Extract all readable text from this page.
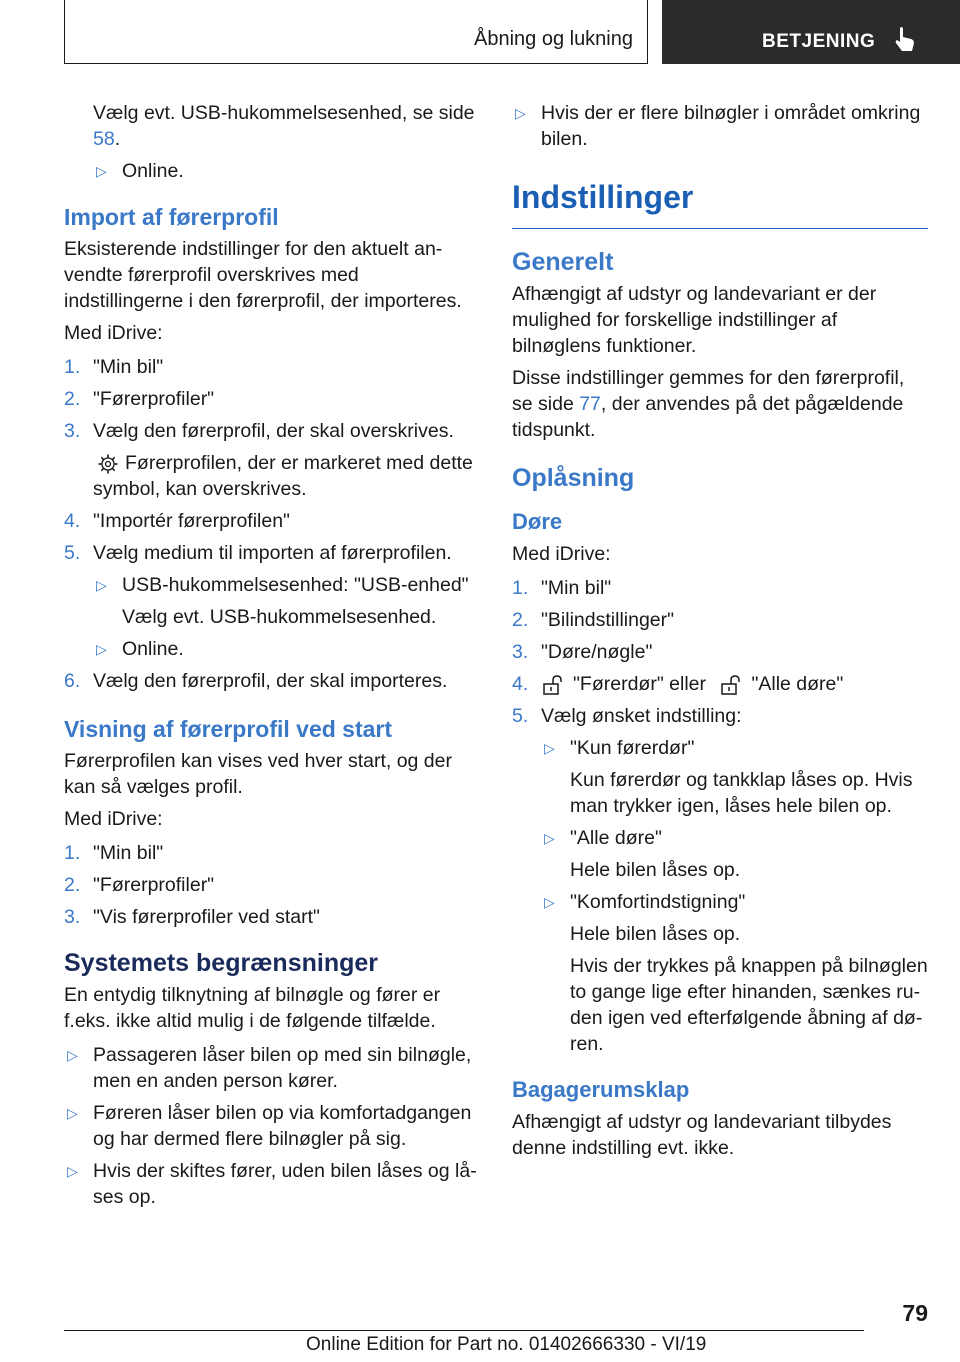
Åbning og lukning	BETJENING

Vælg evt. USB-hukommelsesenhed, se side 58.

▷ Online.
Import af førerprofil

Eksisterende indstillinger for den aktuelt anvendte førerprofil overskrives med indstillingerne i den førerprofil, der importeres.

Med iDrive:

1. "Min bil"
2. "Førerprofiler"
3. Vælg den førerprofil, der skal overskrives.

Førerprofilen, der er markeret med dette symbol, kan overskrives.

4. "Importér førerprofilen"
5. Vælg medium til importen af førerprofilen.
▷ USB-hukommelsesenhed: "USB-enhed"

Vælg evt. USB-hukommelsesenhed.

▷ Online.
6. Vælg den førerprofil, der skal importeres.
Visning af førerprofil ved start

Førerprofilen kan vises ved hver start, og der kan så vælges profil.

Med iDrive:

1. "Min bil"
2. "Førerprofiler"
3. "Vis førerprofiler ved start"
Systemets begrænsninger

En entydig tilknytning af bilnøgle og fører er f.eks. ikke altid mulig i de følgende tilfælde.

▷ Passageren låser bilen op med sin bilnøgle, men en anden person kører.
▷ Føreren låser bilen op via komfortadgangen og har dermed flere bilnøgler på sig.
▷ Hvis der skiftes fører, uden bilen låses og låses op.
▷ Hvis der er flere bilnøgler i området omkring bilen.
Indstillinger
Generelt

Afhængigt af udstyr og landevariant er der mulighed for forskellige indstillinger af bilnøglens funktioner.

Disse indstillinger gemmes for den førerprofil, se side 77, der anvendes på det pågældende tidspunkt.

Oplåsning
Døre

Med iDrive:

1. "Min bil"
2. "Bilindstillinger"
3. "Døre/nøgle"
4. "Førerdør" eller "Alle døre"
5. Vælg ønsket indstilling:
▷ "Kun førerdør"

Kun førerdør og tankklap låses op. Hvis man trykker igen, låses hele bilen op.

▷ "Alle døre"

Hele bilen låses op.

▷ "Komfortindstigning"

Hele bilen låses op.

Hvis der trykkes på knappen på bilnøglen to gange lige efter hinanden, sænkes ruden igen ved efterfølgende åbning af døren.

Bagagerumsklap

Afhængigt af udstyr og landevariant tilbydes denne indstilling evt. ikke.

79
Online Edition for Part no. 01402666330 - VI/19
